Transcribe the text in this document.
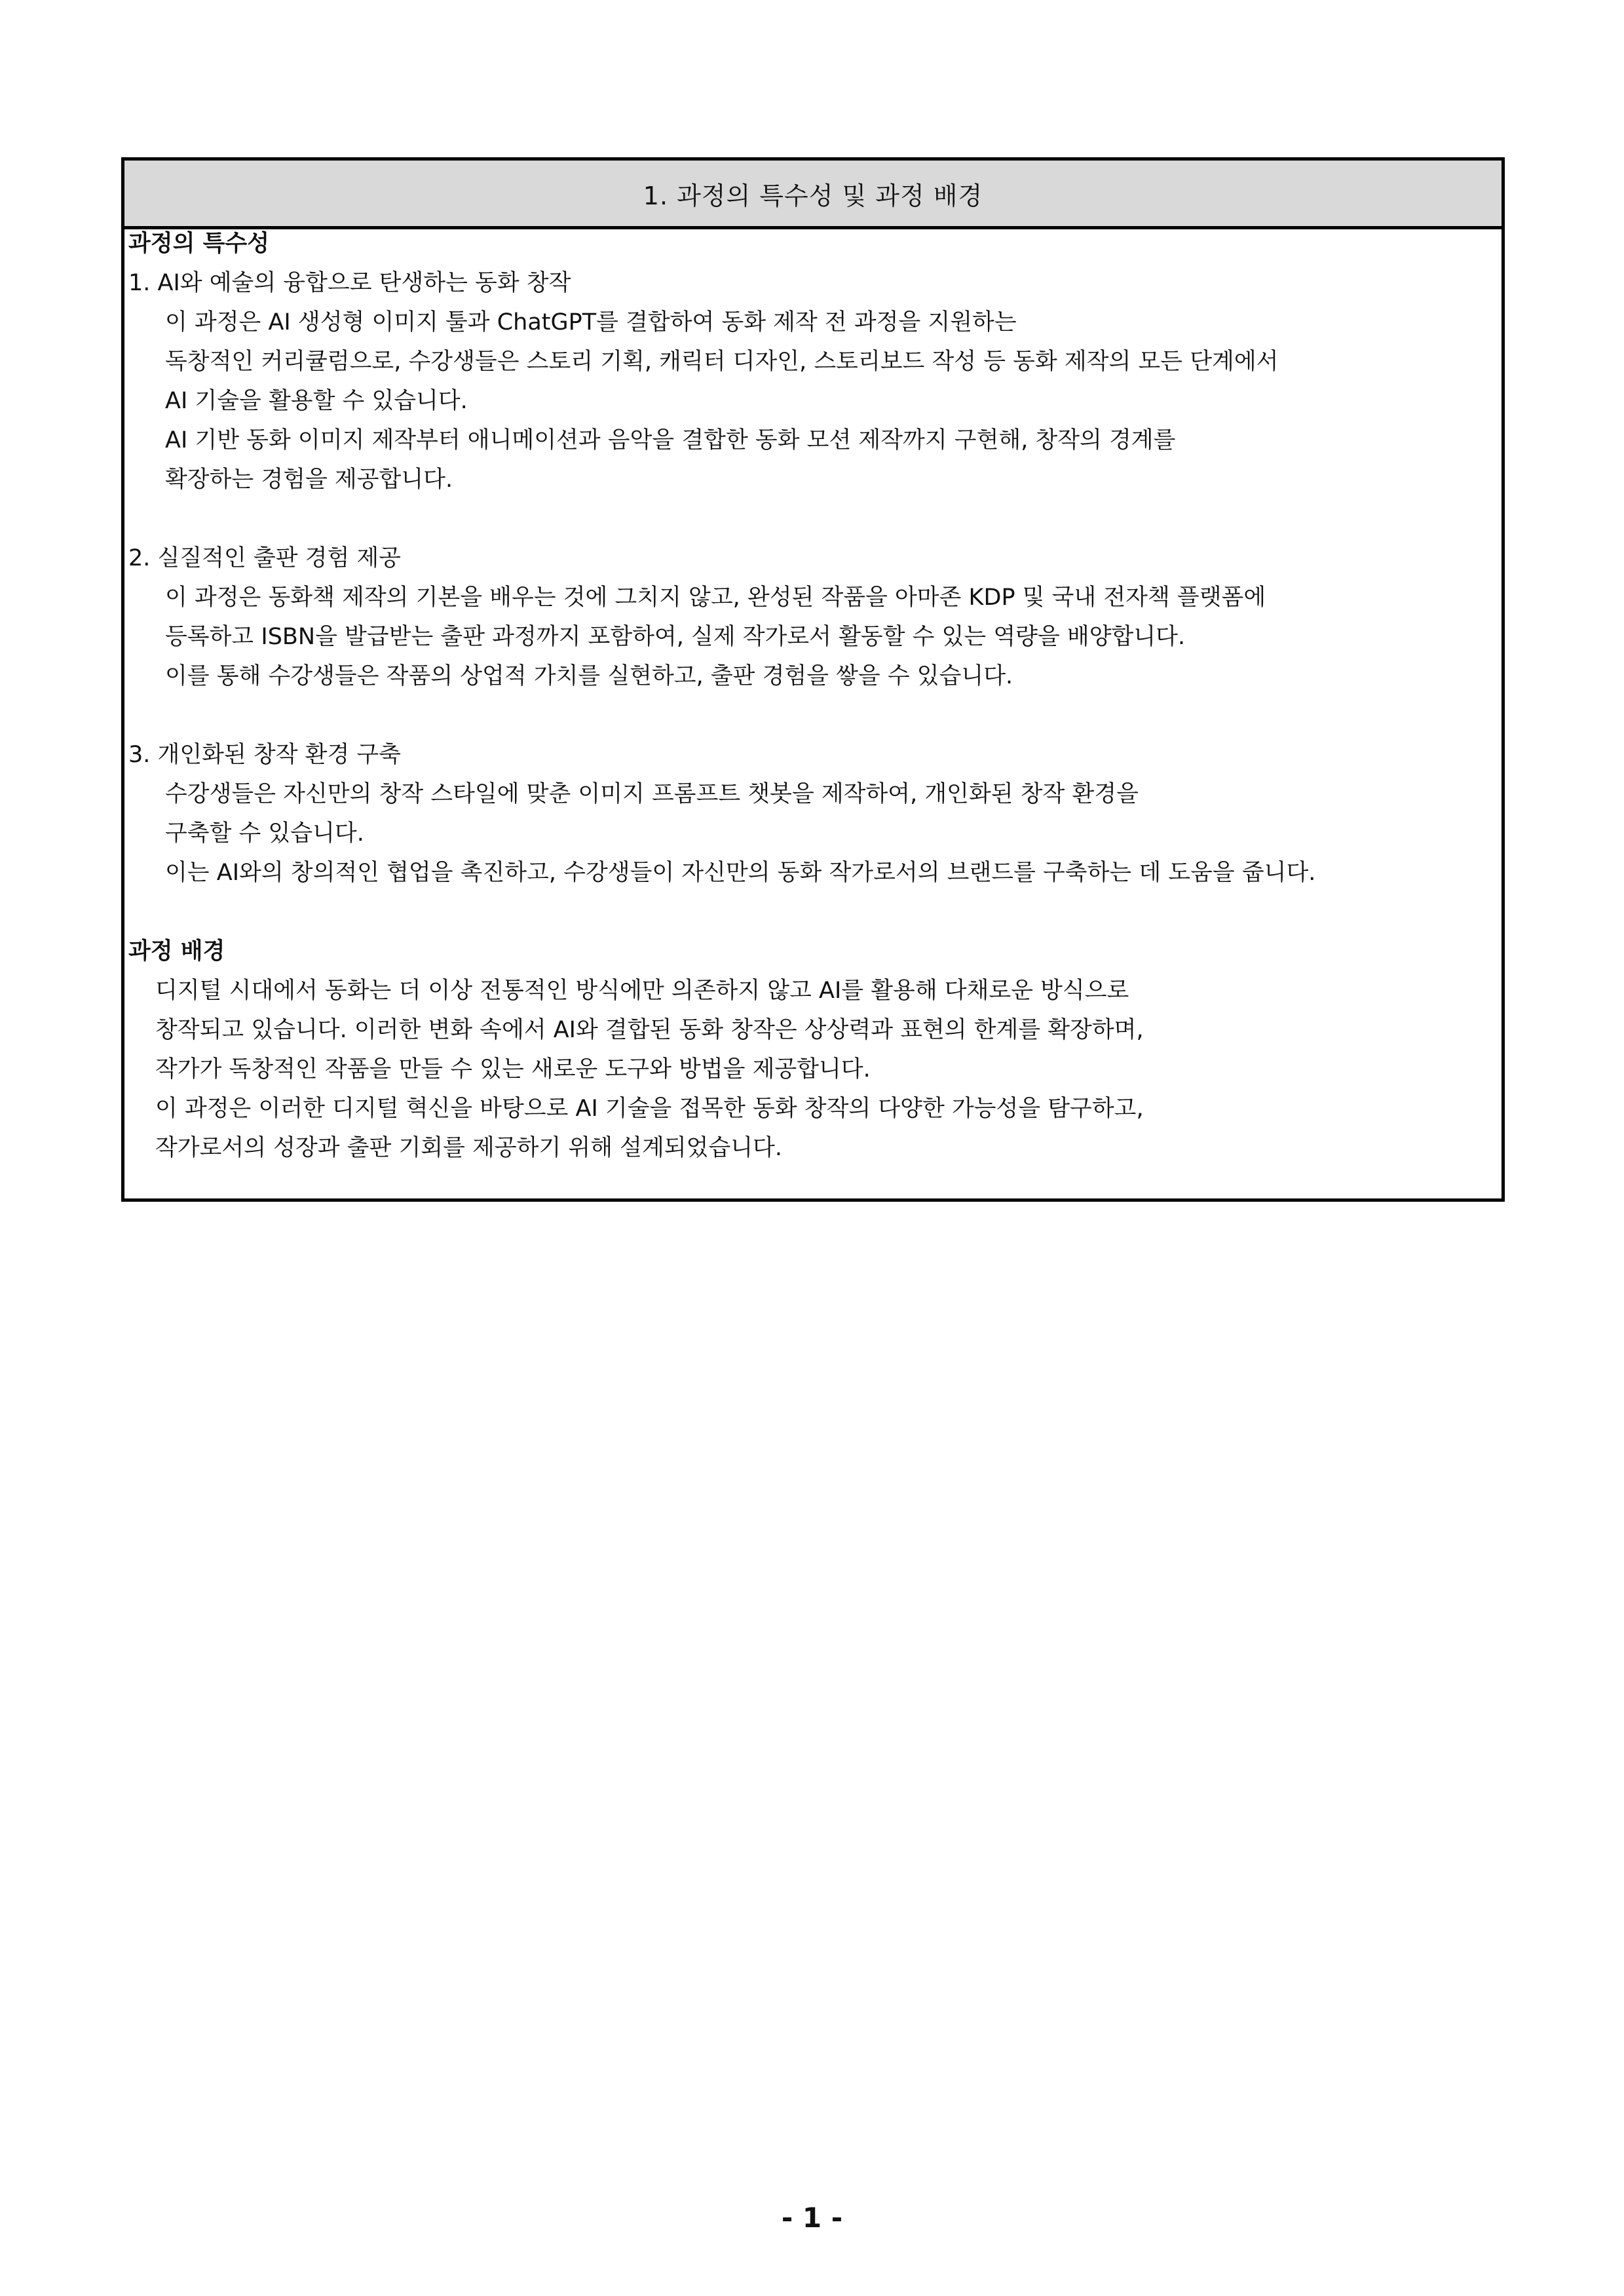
1. 과정의 특수성 및 과정 배경
과정의 특수성
1. AI와 예술의 융합으로 탄생하는 동화 창작
이 과정은 AI 생성형 이미지 툴과 ChatGPT를 결합하여 동화 제작 전 과정을 지원하는
독창적인 커리큘럼으로, 수강생들은 스토리 기획, 캐릭터 디자인, 스토리보드 작성 등 동화 제작의 모든 단계에서
AI 기술을 활용할 수 있습니다.
AI 기반 동화 이미지 제작부터 애니메이션과 음악을 결합한 동화 모션 제작까지 구현해, 창작의 경계를
확장하는 경험을 제공합니다.
2. 실질적인 출판 경험 제공
이 과정은 동화책 제작의 기본을 배우는 것에 그치지 않고, 완성된 작품을 아마존 KDP 및 국내 전자책 플랫폼에
등록하고 ISBN을 발급받는 출판 과정까지 포함하여, 실제 작가로서 활동할 수 있는 역량을 배양합니다.
이를 통해 수강생들은 작품의 상업적 가치를 실현하고, 출판 경험을 쌓을 수 있습니다.
3. 개인화된 창작 환경 구축
수강생들은 자신만의 창작 스타일에 맞춘 이미지 프롬프트 챗봇을 제작하여, 개인화된 창작 환경을
구축할 수 있습니다.
이는 AI와의 창의적인 협업을 촉진하고, 수강생들이 자신만의 동화 작가로서의 브랜드를 구축하는 데 도움을 줍니다.
과정 배경
디지털 시대에서 동화는 더 이상 전통적인 방식에만 의존하지 않고 AI를 활용해 다채로운 방식으로
창작되고 있습니다. 이러한 변화 속에서 AI와 결합된 동화 창작은 상상력과 표현의 한계를 확장하며,
작가가 독창적인 작품을 만들 수 있는 새로운 도구와 방법을 제공합니다.
이 과정은 이러한 디지털 혁신을 바탕으로 AI 기술을 접목한 동화 창작의 다양한 가능성을 탐구하고,
작가로서의 성장과 출판 기회를 제공하기 위해 설계되었습니다.
- 1 -
